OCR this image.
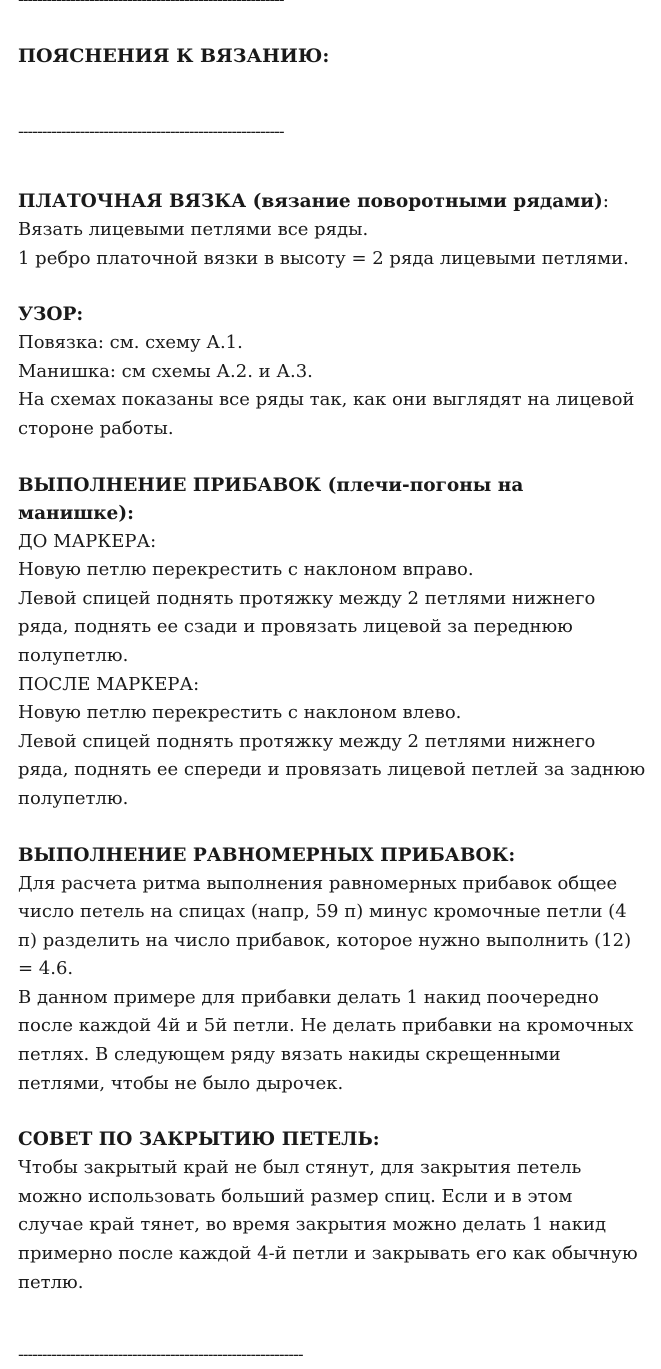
--------------------------------------------------------
ПОЯСНЕНИЯ К ВЯЗАНИЮ:
--------------------------------------------------------
ПЛАТОЧНАЯ ВЯЗКА (вязание поворотными рядами):
Вязать лицевыми петлями все ряды.
1 ребро платочной вязки в высоту = 2 ряда лицевыми петлями.
УЗОР:
Повязка: см. схему А.1.
Манишка: см схемы А.2. и А.3.
На схемах показаны все ряды так, как они выглядят на лицевой
стороне работы.
ВЫПОЛНЕНИЕ ПРИБАВОК (плечи-погоны на
манишке):
ДО МАРКЕРА:
Новую петлю перекрестить с наклоном вправо.
Левой спицей поднять протяжку между 2 петлями нижнего
ряда, поднять ее сзади и провязать лицевой за переднюю
полупетлю.
ПОСЛЕ МАРКЕРА:
Новую петлю перекрестить с наклоном влево.
Левой спицей поднять протяжку между 2 петлями нижнего
ряда, поднять ее спереди и провязать лицевой петлей за заднюю
полупетлю.
ВЫПОЛНЕНИЕ РАВНОМЕРНЫХ ПРИБАВОК:
Для расчета ритма выполнения равномерных прибавок общее
число петель на спицах (напр, 59 п) минус кромочные петли (4
п) разделить на число прибавок, которое нужно выполнить (12)
= 4.6.
В данном примере для прибавки делать 1 накид поочередно
после каждой 4й и 5й петли. Не делать прибавки на кромочных
петлях. В следующем ряду вязать накиды скрещенными
петлями, чтобы не было дырочек.
СОВЕТ ПО ЗАКРЫТИЮ ПЕТЕЛЬ:
Чтобы закрытый край не был стянут, для закрытия петель
можно использовать больший размер спиц. Если и в этом
случае край тянет, во время закрытия можно делать 1 накид
примерно после каждой 4-й петли и закрывать его как обычную
петлю.
------------------------------------------------------------
